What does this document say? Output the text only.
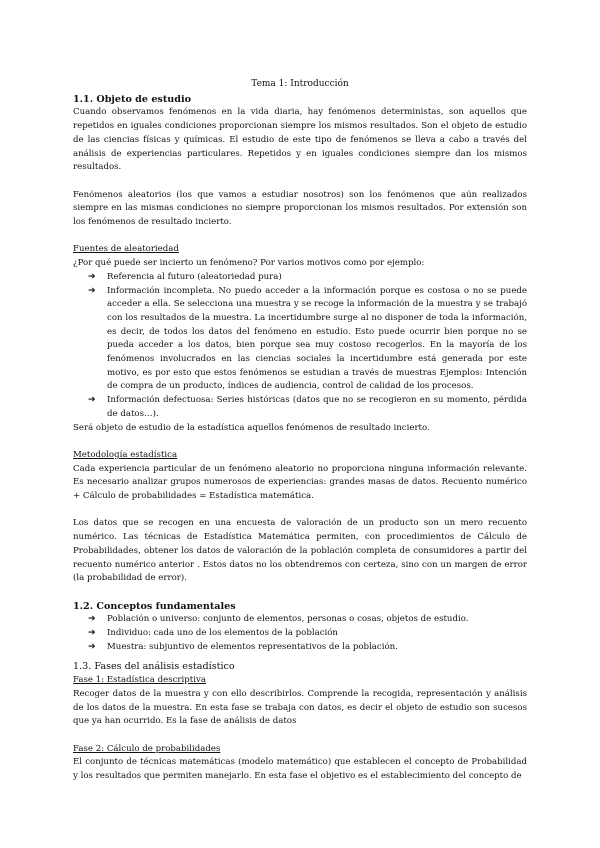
Tema 1: Introducción
1.1. Objeto de estudio

Cuando observamos fenómenos en la vida diaria, hay fenómenos deterministas, son aquellos que repetidos en iguales condiciones proporcionan siempre los mismos resultados. Son el objeto de estudio de las ciencias físicas y químicas. El estudio de este tipo de fenómenos se lleva a cabo a través del análisis de experiencias particulares. Repetidos y en iguales condiciones siempre dan los mismos resultados.

Fenómenos aleatorios (los que vamos a estudiar nosotros) son los fenómenos que aún realizados siempre en las mismas condiciones no siempre proporcionan los mismos resultados. Por extensión son los fenómenos de resultado incierto.

Fuentes de aleatoriedad

¿Por qué puede ser incierto un fenómeno? Por varios motivos como por ejemplo:

➔ Referencia al futuro (aleatoriedad pura)
➔ Información incompleta. No puedo acceder a la información porque es costosa o no se puede acceder a ella. Se selecciona una muestra y se recoge la información de la muestra y se trabajó con los resultados de la muestra. La incertidumbre surge al no disponer de toda la información, es decir, de todos los datos del fenómeno en estudio. Esto puede ocurrir bien porque no se pueda acceder a los datos, bien porque sea muy costoso recogerlos. En la mayoría de los fenómenos involucrados en las ciencias sociales la incertidumbre está generada por este motivo, es por esto que estos fenómenos se estudian a través de muestras Ejemplos: Intención de compra de un producto, índices de audiencia, control de calidad de los procesos.
➔ Información defectuosa: Series históricas (datos que no se recogieron en su momento, pérdida de datos…).

Será objeto de estudio de la estadística aquellos fenómenos de resultado incierto.

Metodología estadística

Cada experiencia particular de un fenómeno aleatorio no proporciona ninguna información relevante. Es necesario analizar grupos numerosos de experiencias: grandes masas de datos. Recuento numérico + Cálculo de probabilidades = Estadística matemática.

Los datos que se recogen en una encuesta de valoración de un producto son un mero recuento numérico. Las técnicas de Estadística Matemática permiten, con procedimientos de Cálculo de Probabilidades, obtener los datos de valoración de la población completa de consumidores a partir del recuento numérico anterior . Estos datos no los obtendremos con certeza, sino con un margen de error (la probabilidad de error).

1.2. Conceptos fundamentales
➔ Población o universo: conjunto de elementos, personas o cosas, objetos de estudio.
➔ Individuo: cada uno de los elementos de la población
➔ Muestra: subjuntivo de elementos representativos de la población.
1.3. Fases del análisis estadístico

Fase 1: Estadística descriptiva

Recoger datos de la muestra y con ello describirlos. Comprende la recogida, representación y análisis de los datos de la muestra. En esta fase se trabaja con datos, es decir el objeto de estudio son sucesos que ya han ocurrido. Es la fase de análisis de datos

Fase 2: Cálculo de probabilidades

El conjunto de técnicas matemáticas (modelo matemático) que establecen el concepto de Probabilidad y los resultados que permiten manejarlo. En esta fase el objetivo es el establecimiento del concepto de
